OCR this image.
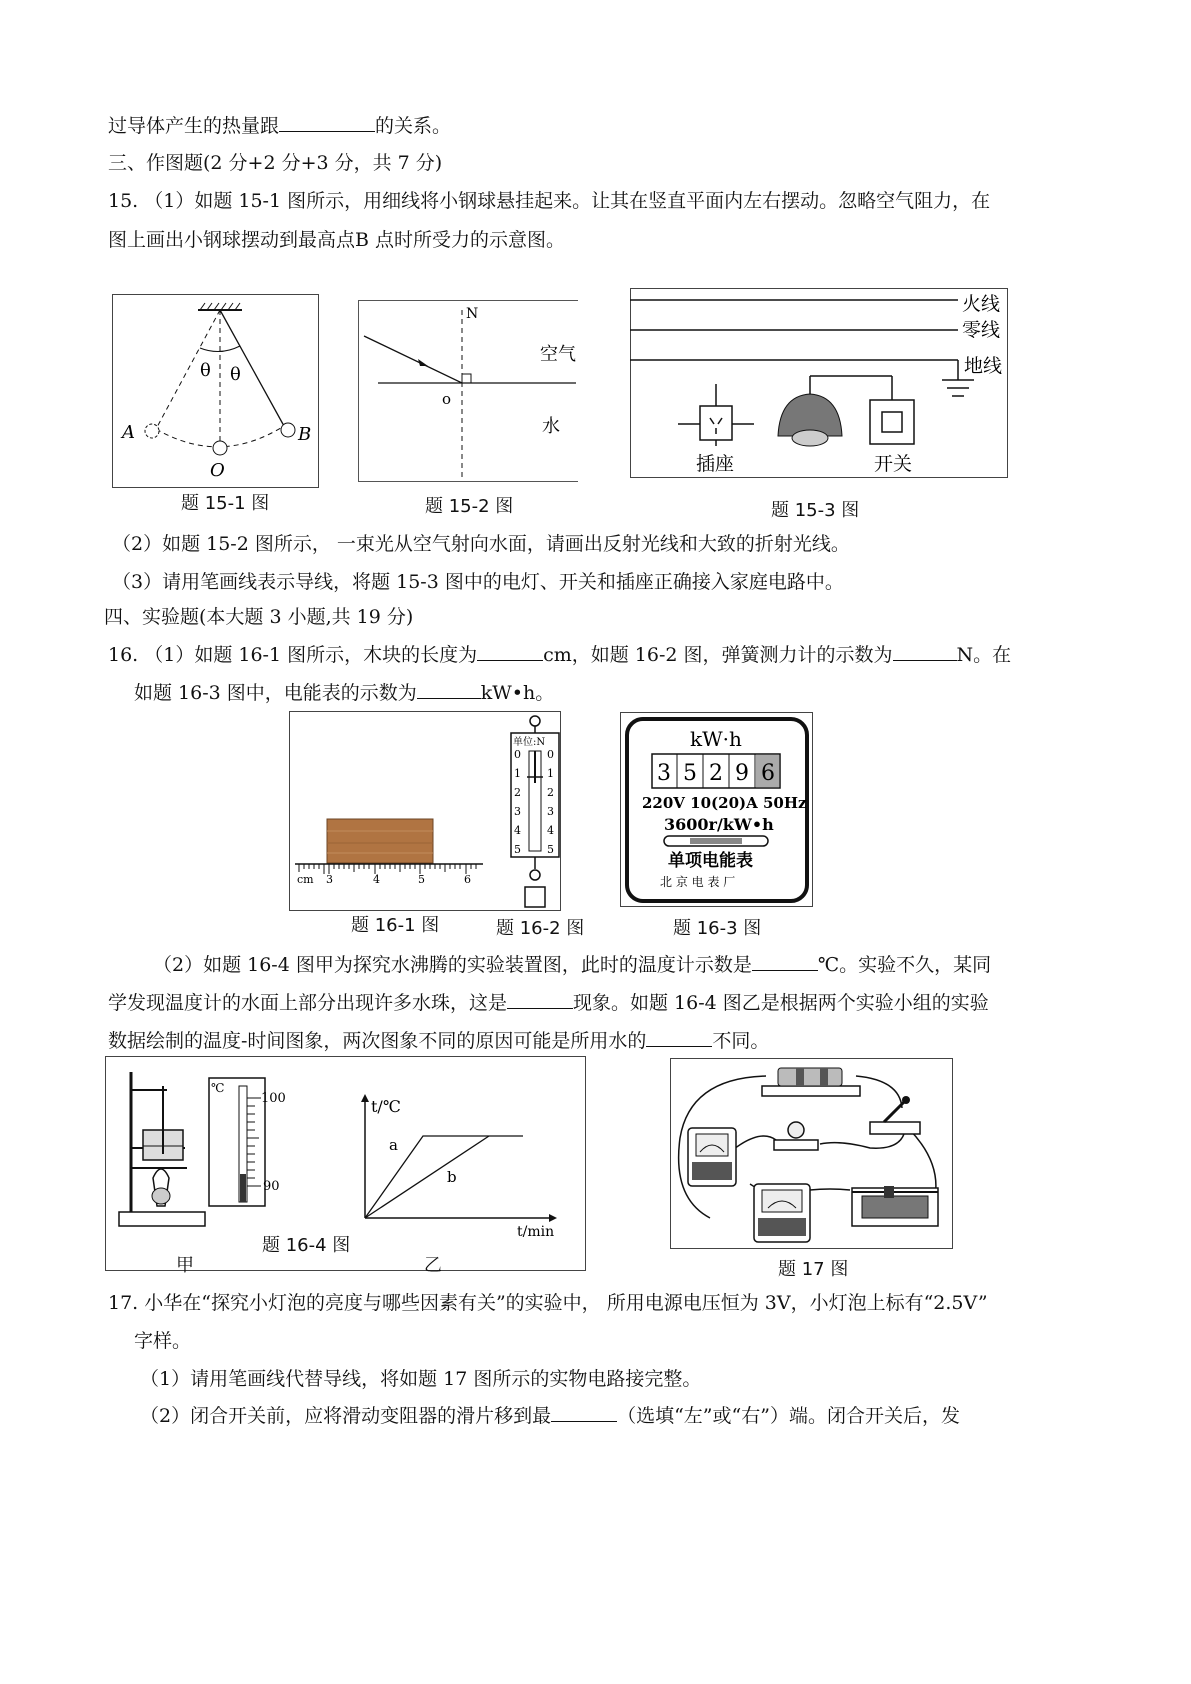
过导体产生的热量跟	的关系。
三、作图题(2 分+2 分+3 分，共 7 分)
15. （1）如题 15-1 图所示，用细线将小钢球悬挂起来。让其在竖直平面内左右摆动。忽略空气阻力，在
图上画出小钢球摆动到最高点B 点时所受力的示意图。
θ θ
A	B
O
题 15-1 图
N
o
空气
水
题 15-2 图
火线
零线
地线
插座	开关
题 15-3 图
（2）如题 15-2 图所示， 一束光从空气射向水面，请画出反射光线和大致的折射光线。
（3）请用笔画线表示导线，将题 15-3 图中的电灯、开关和插座正确接入家庭电路中。
四、实验题(本大题 3 小题,共 19 分)
16. （1）如题 16-1 图所示，木块的长度为	cm，如题 16-2 图，弹簧测力计的示数为	N。在
如题 16-3 图中，电能表的示数为	kW•h。
cm 3	4	5	6
单位:N
0
1
2
3
4
5
0
1
2
3
4
5
题 16-1 图	题 16-2 图
kW·h
3 5 2 9 6
220V 10(20)A 50Hz
3600r/kW•h
单项电能表
北 京 电 表 厂
题 16-3 图
（2）如题 16-4 图甲为探究水沸腾的实验装置图，此时的温度计示数是	℃。实验不久，某同
学发现温度计的水面上部分出现许多水珠，这是	现象。如题 16-4 图乙是根据两个实验小组的实验
数据绘制的温度-时间图象，两次图象不同的原因可能是所用水的	不同。
℃
100
90
t/℃
t/min
a
b
题 16-4 图
甲	乙	题 17 图
17. 小华在“探究小灯泡的亮度与哪些因素有关”的实验中， 所用电源电压恒为 3V，小灯泡上标有“2.5V”
字样。
（1）请用笔画线代替导线，将如题 17 图所示的实物电路接完整。
（2）闭合开关前，应将滑动变阻器的滑片移到最	（选填“左”或“右”）端。闭合开关后，发
